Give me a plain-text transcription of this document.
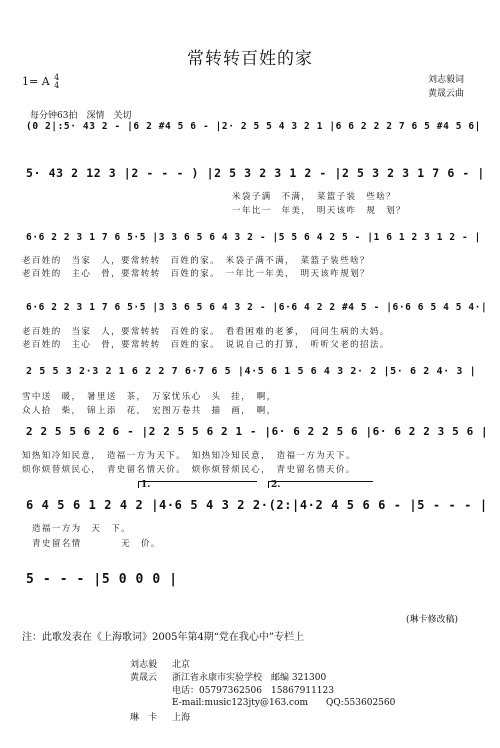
常转转百姓的家
1= A 4
4
刘志毅词
黄晟云曲
每分钟63拍　深情　关切
(0 2|:5· 43 2 - |6 2 #4 5 6 - |2· 2 5 5 4 3 2 1 |6 6 2 2 2 7 6 5 #4 5 6|
5· 43 2 12 3 |2 - - - ) |2 5 3 2 3 1 2 - |2 5 3 2 3 1 7 6 - |
米袋子满　不满，　菜篮子装　些啥？
一年比一　年美，　明天该咋　规　划？
6·6 2 2 3 1 7 6 5·5 |3 3 6 5 6 4 3 2 - |5 5 6 4 2 5 - |1 6 1 2 3 1 2 - |
老百姓的　当家　人，要常转转　百姓的家。　米袋子满不满，　菜篮子装些啥？
老百姓的　主心　骨，要常转转　百姓的家。　一年比一年美，　明天该咋规划？
6·6 2 2 3 1 7 6 5·5 |3 3 6 5 6 4 3 2 - |6·6 4 2 2 #4 5 - |6·6 6 5 4 5 4·|
老百姓的　当家　人，要常转转　百姓的家。　看看困难的老爹，　问问生病的大妈。
老百姓的　主心　骨，要常转转　百姓的家。　说说自己的打算，　听听父老的招法。
2 5 5 3 2·3 2 1 6 2 2 7 6·7 6 5 |4·5 6 1 5 6 4 3 2· 2 |5· 6 2 4· 3 |
雪中送　暖，　暑里送　茶，　万家忧乐心　头　挂，　啊，
众人拾　柴，　锦上添　花，　宏图万卷共　描　画，　啊，
2 2 5 5 6 2 6 - |2 2 5 5 6 2 1 - |6· 6 2 2 5 6 |6· 6 2 2 3 5 6 |
知热知冷知民意，　造福一方为天下。　知热知冷知民意，　造福一方为天下。
烦你烦替烦民心，　青史留名情天价。　烦你烦替烦民心，　青史留名情天价。
1.	2.
6 4 5 6 1 2 4 2 |4·6 5 4 3 2 2·(2:|4·2 4 5 6 6 - |5 - - - |
造福一方为　天　下。
青史留名情　　　　无　价。
5 - - - |5 0 0 0 |
(琳卡修改稿)
注：此歌发表在《上海歌词》2005年第4期“党在我心中”专栏上
刘志毅 北京
黄晟云 浙江省永康市实验学校　邮编 321300
电话：05797362506　15867911123
E-mail:music123jty@163.com　　QQ:553602560
琳　卡 上海
